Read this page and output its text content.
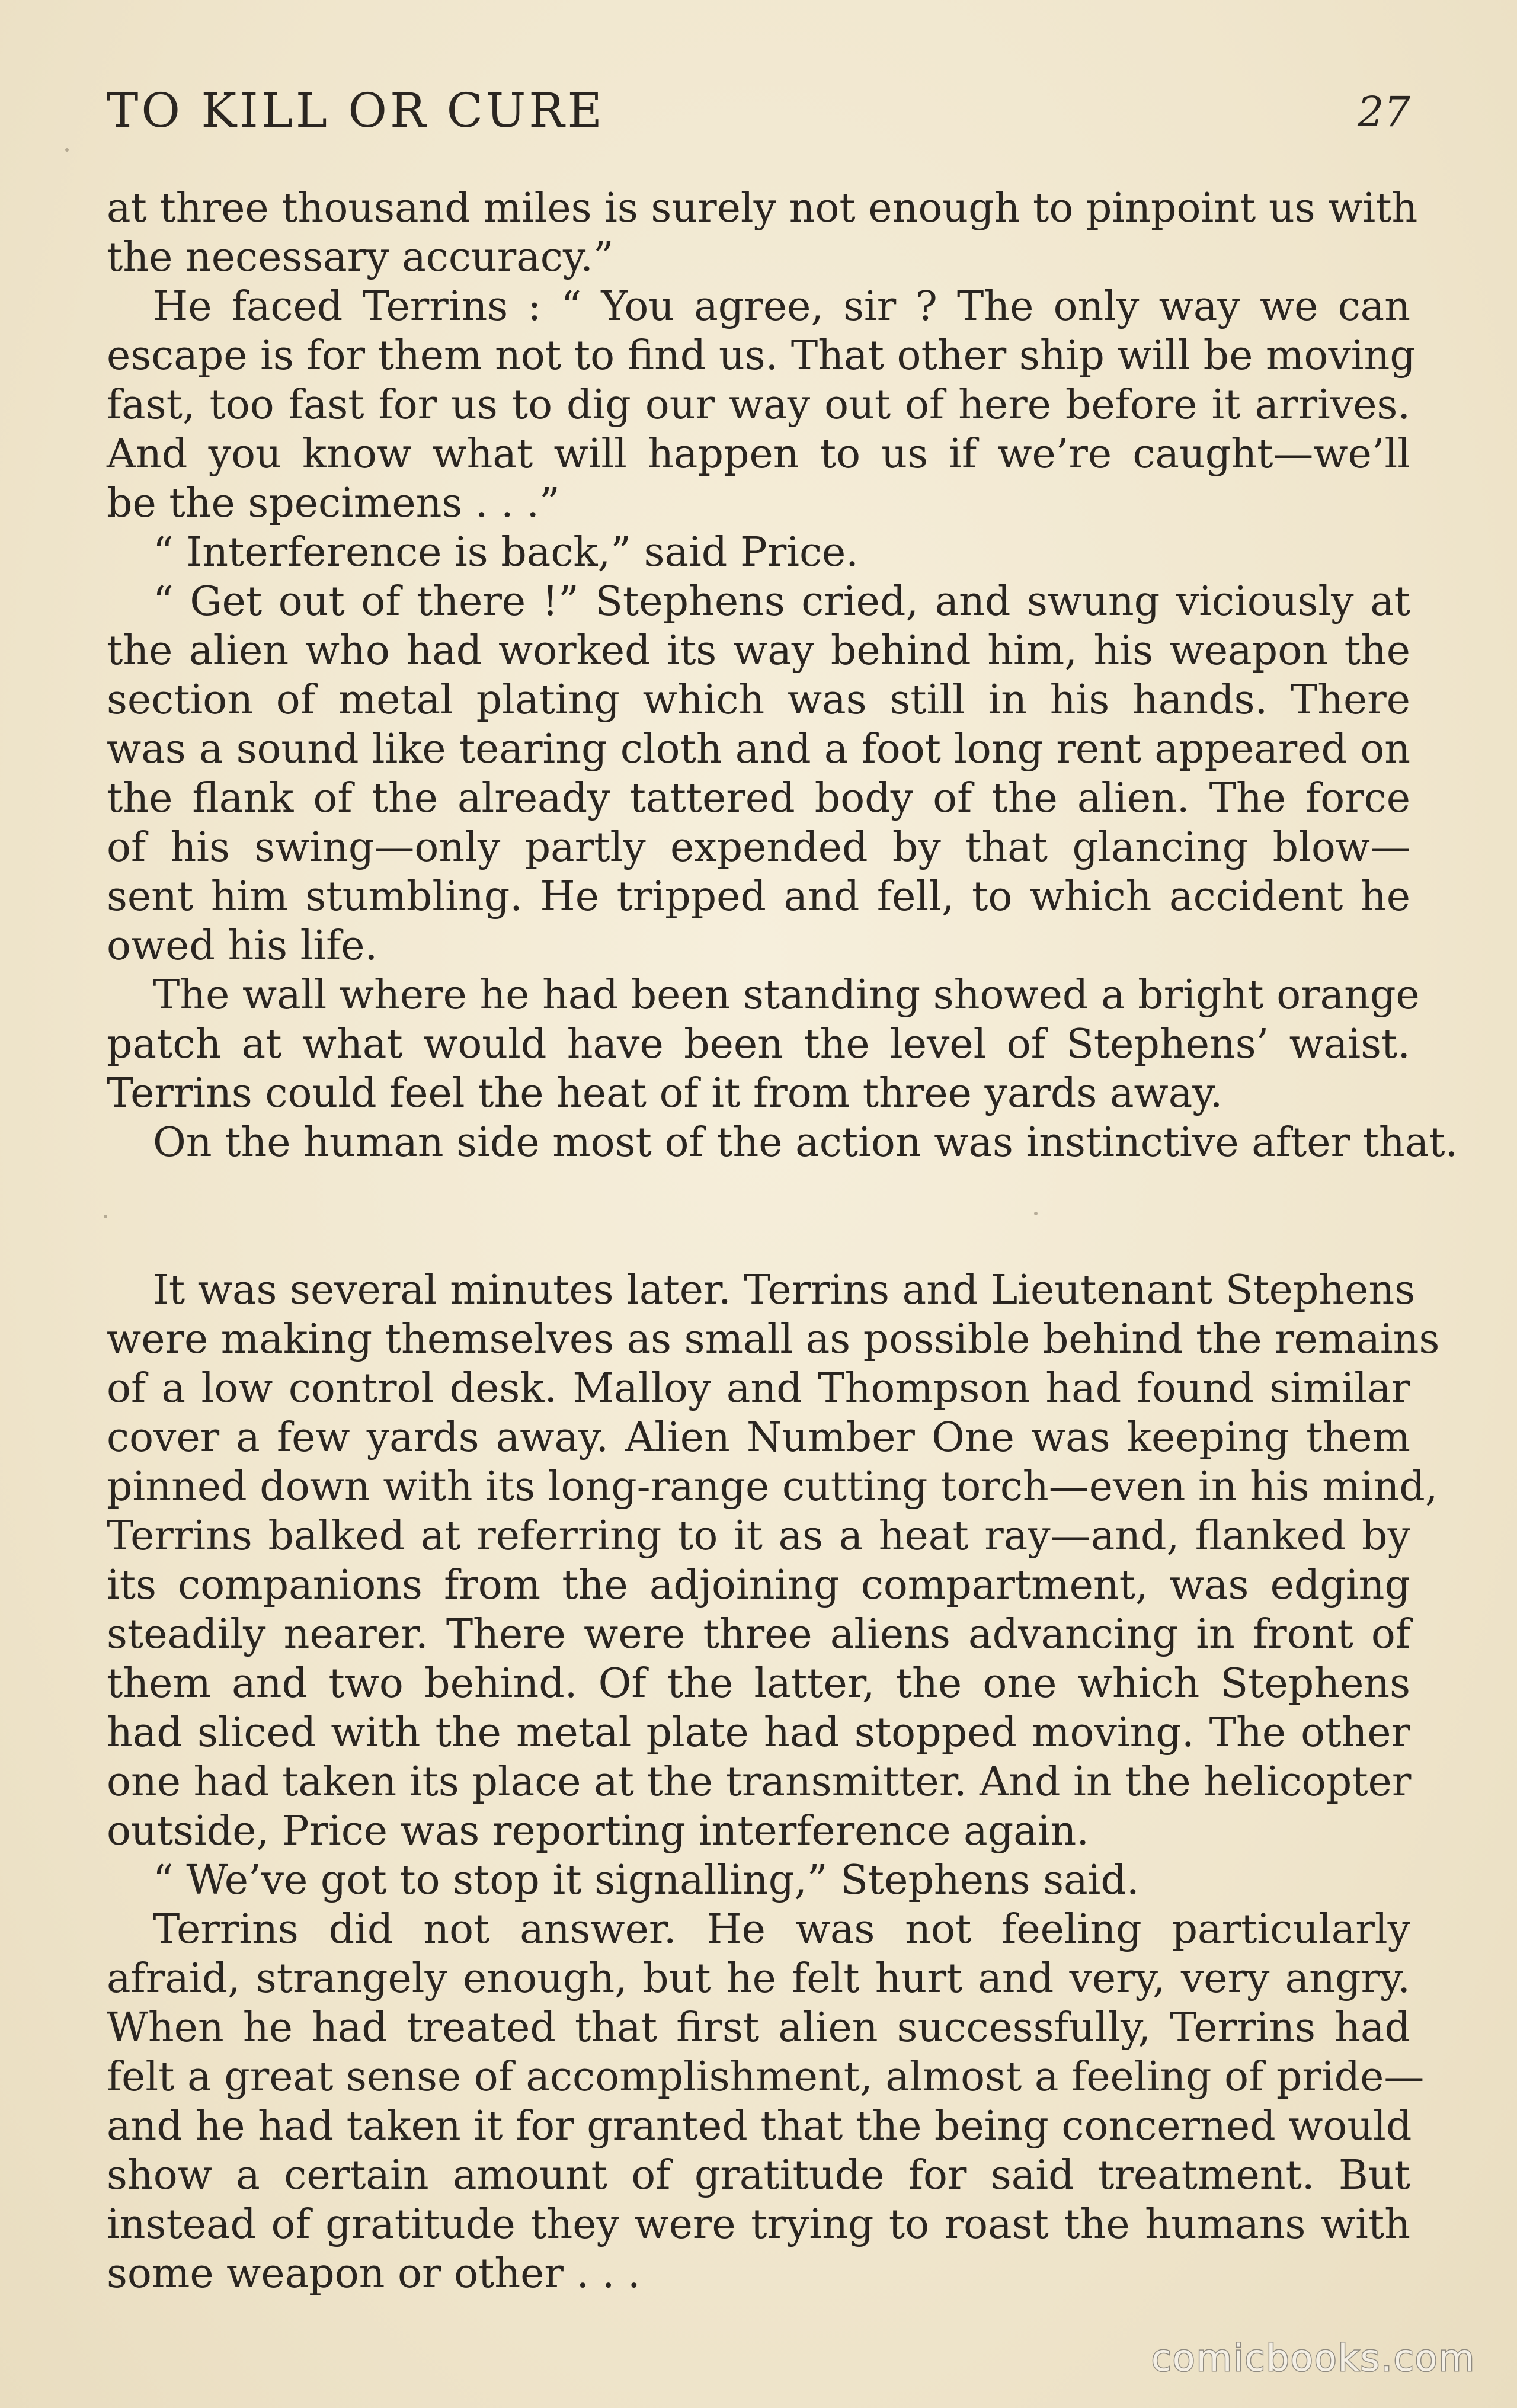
TO KILL OR CURE	27
at three thousand miles is surely not enough to pinpoint us with
the necessary accuracy.”
He faced Terrins : “ You agree, sir ? The only way we can
escape is for them not to find us. That other ship will be moving
fast, too fast for us to dig our way out of here before it arrives.
And you know what will happen to us if we’re caught—we’ll
be the specimens . . .”
“ Interference is back,” said Price.
“ Get out of there !” Stephens cried, and swung viciously at
the alien who had worked its way behind him, his weapon the
section of metal plating which was still in his hands. There
was a sound like tearing cloth and a foot long rent appeared on
the flank of the already tattered body of the alien. The force
of his swing—only partly expended by that glancing blow—
sent him stumbling. He tripped and fell, to which accident he
owed his life.
The wall where he had been standing showed a bright orange
patch at what would have been the level of Stephens’ waist.
Terrins could feel the heat of it from three yards away.
On the human side most of the action was instinctive after that.
It was several minutes later. Terrins and Lieutenant Stephens
were making themselves as small as possible behind the remains
of a low control desk. Malloy and Thompson had found similar
cover a few yards away. Alien Number One was keeping them
pinned down with its long-range cutting torch—even in his mind,
Terrins balked at referring to it as a heat ray—and, flanked by
its companions from the adjoining compartment, was edging
steadily nearer. There were three aliens advancing in front of
them and two behind. Of the latter, the one which Stephens
had sliced with the metal plate had stopped moving. The other
one had taken its place at the transmitter. And in the helicopter
outside, Price was reporting interference again.
“ We’ve got to stop it signalling,” Stephens said.
Terrins did not answer. He was not feeling particularly
afraid, strangely enough, but he felt hurt and very, very angry.
When he had treated that first alien successfully, Terrins had
felt a great sense of accomplishment, almost a feeling of pride—
and he had taken it for granted that the being concerned would
show a certain amount of gratitude for said treatment. But
instead of gratitude they were trying to roast the humans with
some weapon or other . . .
comicbooks.com
